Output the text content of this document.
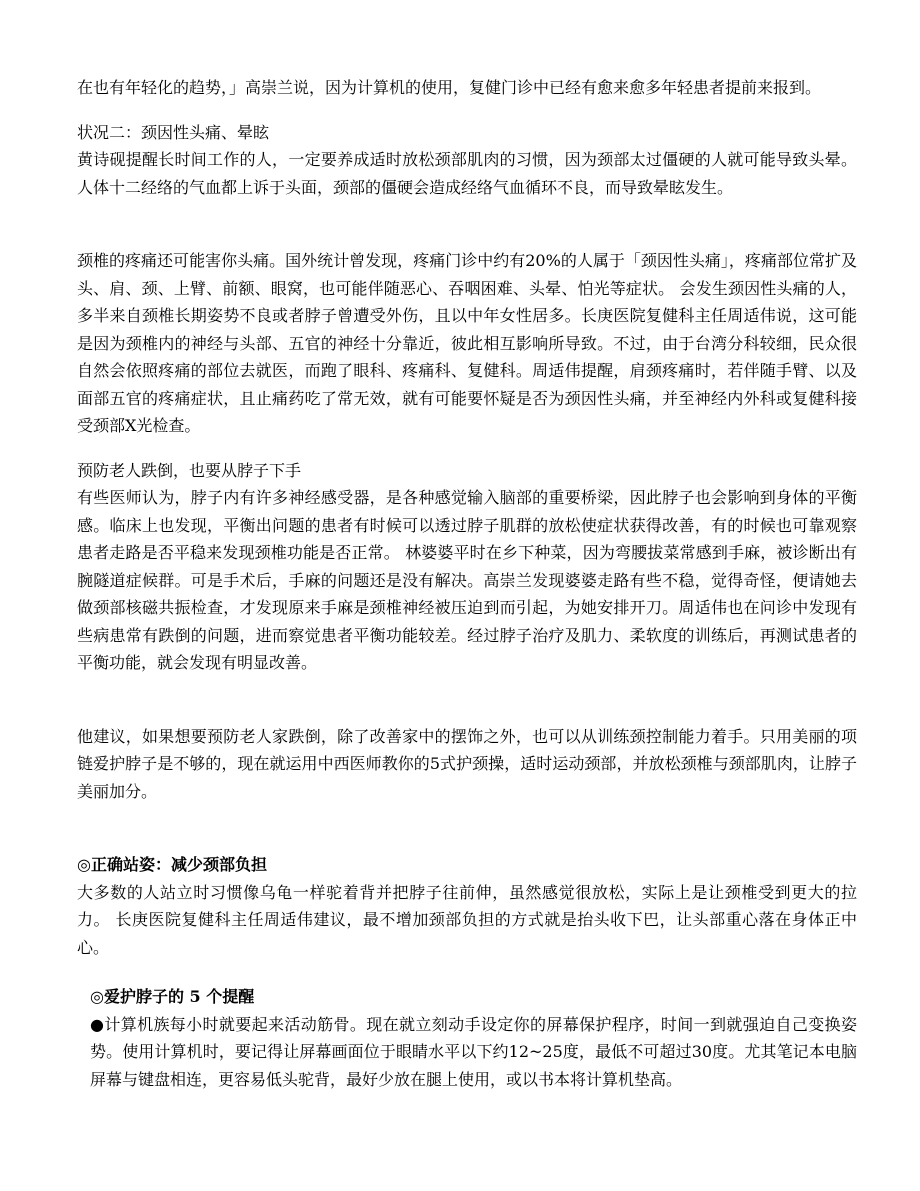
在也有年轻化的趋势，」高崇兰说，因为计算机的使用，复健门诊中已经有愈来愈多年轻患者提前来报到。

状况二：颈因性头痛、晕眩

黄诗砚提醒长时间工作的人，一定要养成适时放松颈部肌肉的习惯，因为颈部太过僵硬的人就可能导致头晕。人体十二经络的气血都上诉于头面，颈部的僵硬会造成经络气血循环不良，而导致晕眩发生。

颈椎的疼痛还可能害你头痛。国外统计曾发现，疼痛门诊中约有20%的人属于「颈因性头痛」，疼痛部位常扩及头、肩、颈、上臂、前额、眼窝，也可能伴随恶心、吞咽困难、头晕、怕光等症状。 会发生颈因性头痛的人，多半来自颈椎长期姿势不良或者脖子曾遭受外伤，且以中年女性居多。长庚医院复健科主任周适伟说，这可能是因为颈椎内的神经与头部、五官的神经十分靠近，彼此相互影响所导致。不过，由于台湾分科较细，民众很自然会依照疼痛的部位去就医，而跑了眼科、疼痛科、复健科。周适伟提醒，肩颈疼痛时，若伴随手臂、以及面部五官的疼痛症状，且止痛药吃了常无效，就有可能要怀疑是否为颈因性头痛，并至神经内外科或复健科接受颈部X光检查。

预防老人跌倒，也要从脖子下手

有些医师认为，脖子内有许多神经感受器，是各种感觉输入脑部的重要桥梁，因此脖子也会影响到身体的平衡感。临床上也发现，平衡出问题的患者有时候可以透过脖子肌群的放松使症状获得改善，有的时候也可靠观察患者走路是否平稳来发现颈椎功能是否正常。 林婆婆平时在乡下种菜，因为弯腰拔菜常感到手麻，被诊断出有腕隧道症候群。可是手术后，手麻的问题还是没有解决。高崇兰发现婆婆走路有些不稳，觉得奇怪，便请她去做颈部核磁共振检查，才发现原来手麻是颈椎神经被压迫到而引起，为她安排开刀。周适伟也在问诊中发现有些病患常有跌倒的问题，进而察觉患者平衡功能较差。经过脖子治疗及肌力、柔软度的训练后，再测试患者的平衡功能，就会发现有明显改善。

他建议，如果想要预防老人家跌倒，除了改善家中的摆饰之外，也可以从训练颈控制能力着手。只用美丽的项链爱护脖子是不够的，现在就运用中西医师教你的5式护颈操，适时运动颈部，并放松颈椎与颈部肌肉，让脖子美丽加分。

◎正确站姿：减少颈部负担

大多数的人站立时习惯像乌龟一样驼着背并把脖子往前伸，虽然感觉很放松，实际上是让颈椎受到更大的拉力。 长庚医院复健科主任周适伟建议，最不增加颈部负担的方式就是抬头收下巴，让头部重心落在身体正中心。

◎爱护脖子的 5 个提醒

●计算机族每小时就要起来活动筋骨。现在就立刻动手设定你的屏幕保护程序，时间一到就强迫自己变换姿势。使用计算机时，要记得让屏幕画面位于眼睛水平以下约12~25度，最低不可超过30度。尤其笔记本电脑屏幕与键盘相连，更容易低头驼背，最好少放在腿上使用，或以书本将计算机垫高。
